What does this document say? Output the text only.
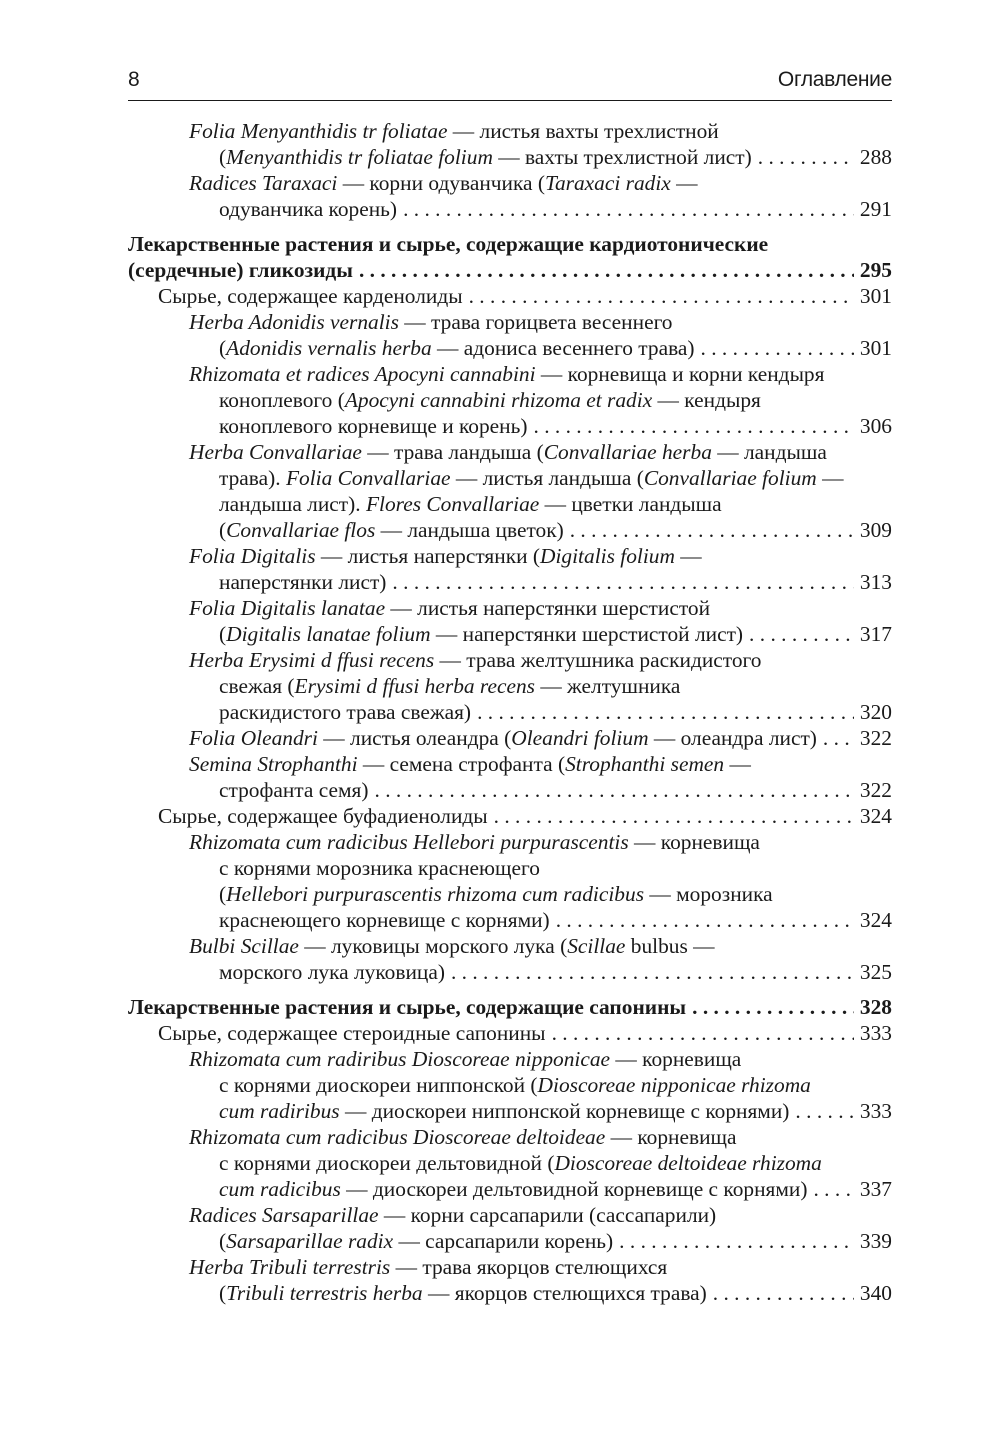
8	Оглавление
Folia Menyanthidis tr foliatae — листья вахты трехлистной
(Menyanthidis tr foliatae folium — вахты трехлистной лист) . . .	288
Radices Taraxaci — корни одуванчика (Taraxaci radix —
одуванчика корень) . . .	291
Лекарственные растения и сырье, содержащие кардиотонические
(сердечные) гликозиды . . .	295
Сырье, содержащее карденолиды . . .	301
Herba Adonidis vernalis — трава горицвета весеннего
(Adonidis vernalis herba — адониса весеннего трава) . . .	301
Rhizomata et radices Apocyni cannabini — корневища и корни кендыря
коноплевого (Apocyni cannabini rhizoma et radix — кендыря
коноплевого корневище и корень) . . .	306
Herba Convallariae — трава ландыша (Convallariae herba — ландыша
трава). Folia Convallariae — листья ландыша (Convallariae folium —
ландыша лист). Flores Convallariae — цветки ландыша
(Convallariae flos — ландыша цветок) . . .	309
Folia Digitalis — листья наперстянки (Digitalis folium —
наперстянки лист) . . .	313
Folia Digitalis lanatae — листья наперстянки шерстистой
(Digitalis lanatae folium — наперстянки шерстистой лист) . . .	317
Herba Erysimi d ffusi recens — трава желтушника раскидистого
свежая (Erysimi d ffusi herba recens — желтушника
раскидистого трава свежая) . . .	320
Folia Oleandri — листья олеандра (Oleandri folium — олеандра лист) . . . 322
Semina Strophanthi — семена строфанта (Strophanthi semen —
строфанта семя) . . .	322
Сырье, содержащее буфадиенолиды . . .	324
Rhizomata cum radicibus Hellebori purpurascentis — корневища
с корнями морозника краснеющего
(Hellebori purpurascentis rhizoma cum radicibus — морозника
краснеющего корневище с корнями) . . .	324
Bulbi Scillae — луковицы морского лука (Scillae bulbus —
морского лука луковица) . . .	325
Лекарственные растения и сырье, содержащие сапонины . . .	328
Сырье, содержащее стероидные сапонины . . .	333
Rhizomata cum radiribus Dioscoreae nipponicae — корневища
с корнями диоскореи ниппонской (Dioscoreae nipponicae rhizoma
cum radiribus — диоскореи ниппонской корневище с корнями) . . .	333
Rhizomata cum radicibus Dioscoreae deltoideae — корневища
с корнями диоскореи дельтовидной (Dioscoreae deltoideae rhizoma
cum radicibus — диоскореи дельтовидной корневище с корнями) . . . 337
Radices Sarsaparillae — корни сарсапарили (сассапарили)
(Sarsaparillae radix — сарсапарили корень) . . .	339
Herba Tribuli terrestris — трава якорцов стелющихся
(Tribuli terrestris herba — якорцов стелющихся трава) . . .	340
